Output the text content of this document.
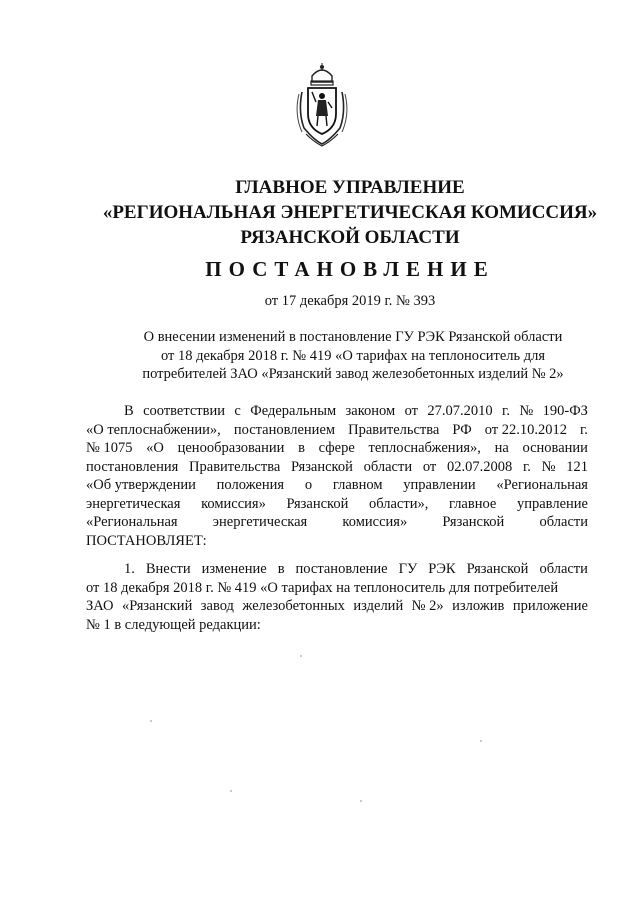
ГЛАВНОЕ УПРАВЛЕНИЕ
«РЕГИОНАЛЬНАЯ ЭНЕРГЕТИЧЕСКАЯ КОМИССИЯ»
РЯЗАНСКОЙ ОБЛАСТИ
ПОСТАНОВЛЕНИЕ
от 17 декабря 2019 г. № 393
О внесении изменений в постановление ГУ РЭК Рязанской области
от 18 декабря 2018 г. № 419 «О тарифах на теплоноситель для
потребителей ЗАО «Рязанский завод железобетонных изделий № 2»
В соответствии с Федеральным законом от 27.07.2010 г. № 190-ФЗ
«О теплоснабжении», постановлением Правительства РФ от 22.10.2012 г.
№ 1075 «О ценообразовании в сфере теплоснабжения», на основании
постановления Правительства Рязанской области от 02.07.2008 г. № 121
«Об утверждении положения о главном управлении «Региональная
энергетическая комиссия» Рязанской области», главное управление
«Региональная энергетическая комиссия» Рязанской области
ПОСТАНОВЛЯЕТ:
1. Внести изменение в постановление ГУ РЭК Рязанской области
от 18 декабря 2018 г. № 419 «О тарифах на теплоноситель для потребителей
ЗАО «Рязанский завод железобетонных изделий № 2» изложив приложение
№ 1 в следующей редакции:
